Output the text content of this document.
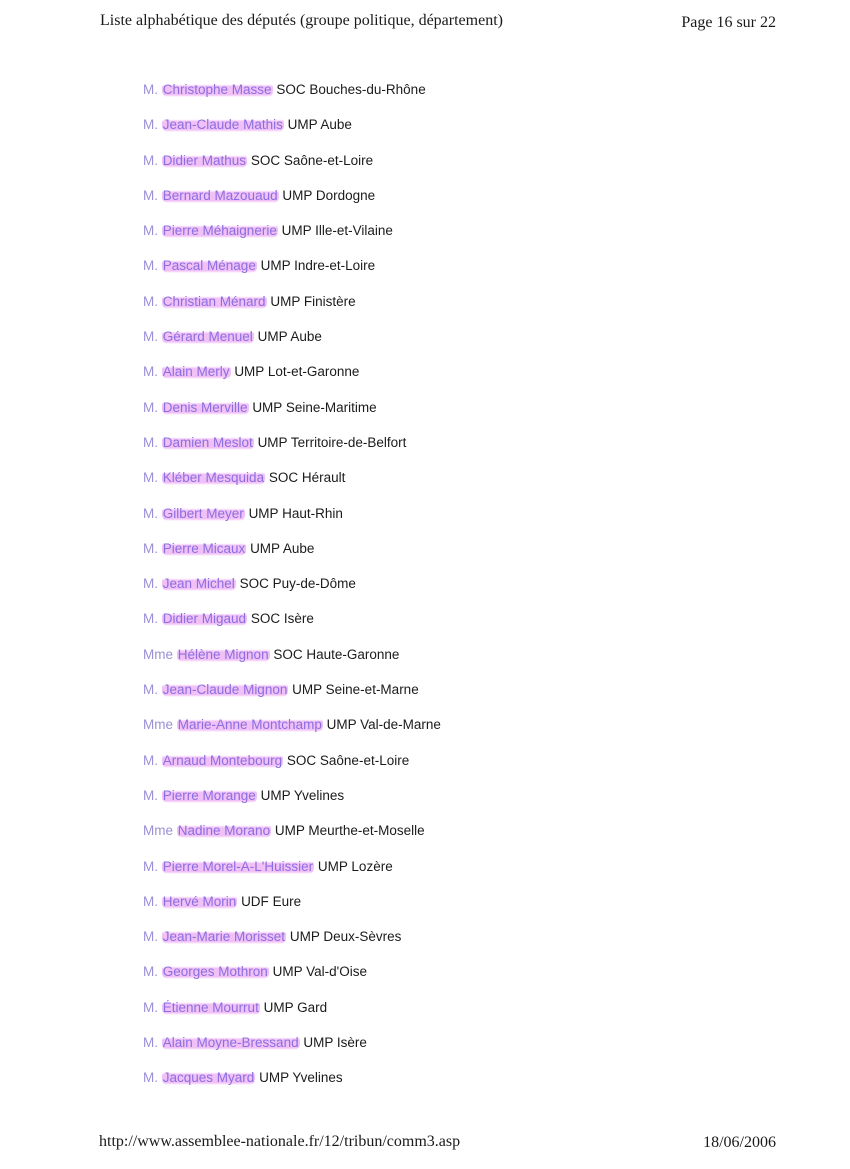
Liste alphabétique des députés (groupe politique, département)	Page 16 sur 22
M. Christophe Masse SOC Bouches-du-Rhône
M. Jean-Claude Mathis UMP Aube
M. Didier Mathus SOC Saône-et-Loire
M. Bernard Mazouaud UMP Dordogne
M. Pierre Méhaignerie UMP Ille-et-Vilaine
M. Pascal Ménage UMP Indre-et-Loire
M. Christian Ménard UMP Finistère
M. Gérard Menuel UMP Aube
M. Alain Merly UMP Lot-et-Garonne
M. Denis Merville UMP Seine-Maritime
M. Damien Meslot UMP Territoire-de-Belfort
M. Kléber Mesquida SOC Hérault
M. Gilbert Meyer UMP Haut-Rhin
M. Pierre Micaux UMP Aube
M. Jean Michel SOC Puy-de-Dôme
M. Didier Migaud SOC Isère
Mme Hélène Mignon SOC Haute-Garonne
M. Jean-Claude Mignon UMP Seine-et-Marne
Mme Marie-Anne Montchamp UMP Val-de-Marne
M. Arnaud Montebourg SOC Saône-et-Loire
M. Pierre Morange UMP Yvelines
Mme Nadine Morano UMP Meurthe-et-Moselle
M. Pierre Morel-A-L'Huissier UMP Lozère
M. Hervé Morin UDF Eure
M. Jean-Marie Morisset UMP Deux-Sèvres
M. Georges Mothron UMP Val-d'Oise
M. Étienne Mourrut UMP Gard
M. Alain Moyne-Bressand UMP Isère
M. Jacques Myard UMP Yvelines
http://www.assemblee-nationale.fr/12/tribun/comm3.asp	18/06/2006
